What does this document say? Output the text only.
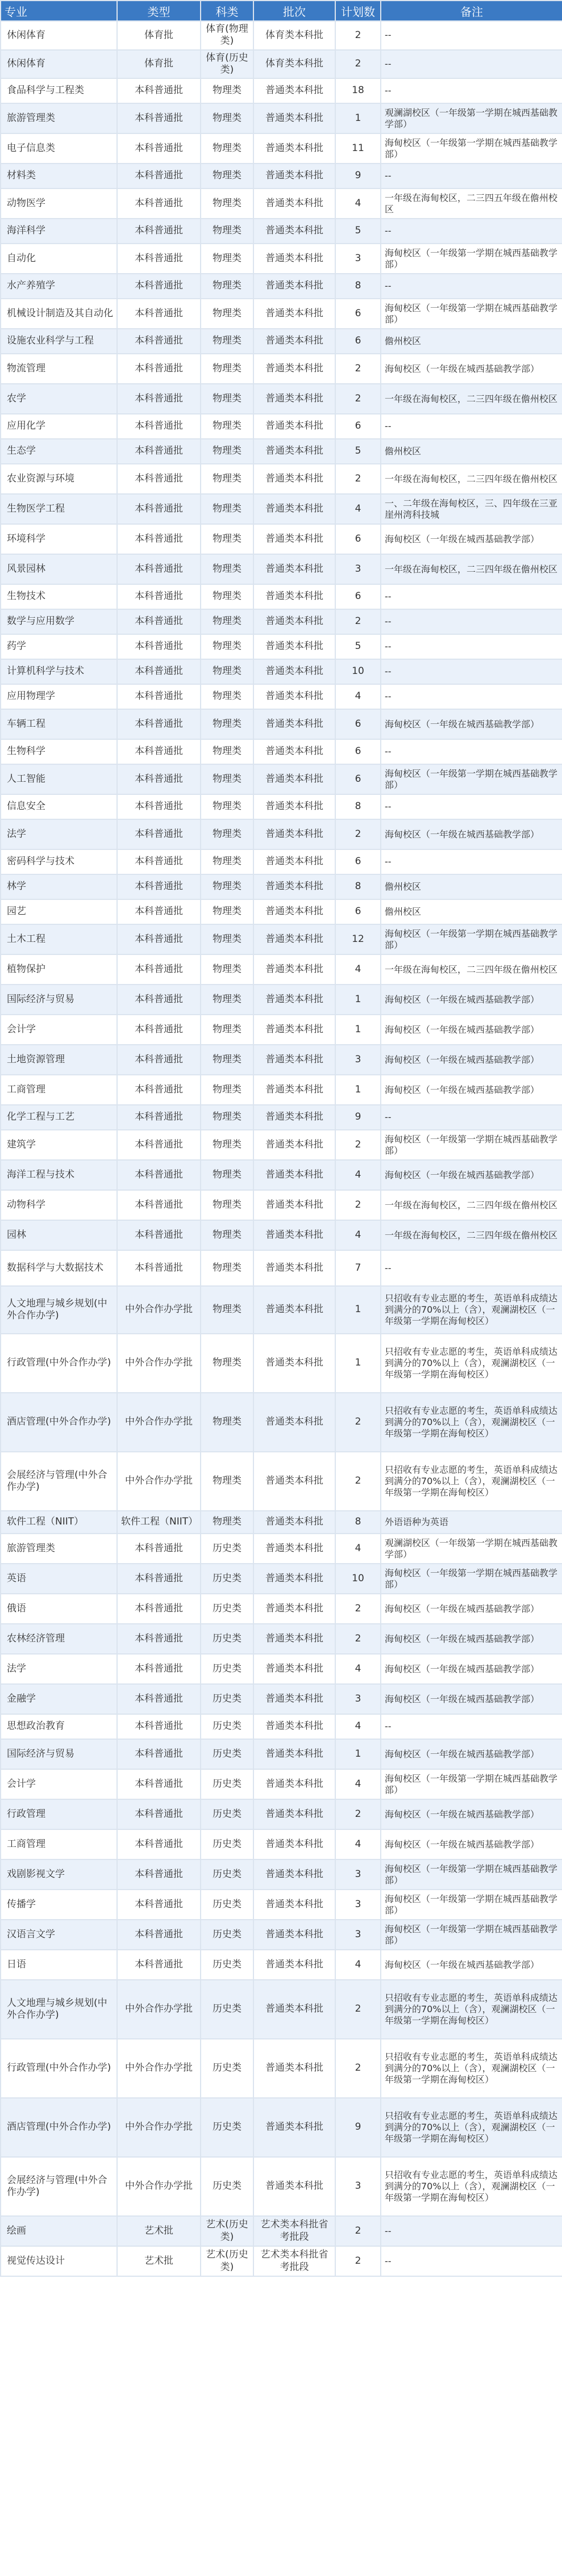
专业	类型	科类	批次	计划数	备注
休闲体育	体育批	体育(物理类)	体育类本科批	2	--
休闲体育	体育批	体育(历史类)	体育类本科批	2	--
食品科学与工程类	本科普通批	物理类	普通类本科批	18	--
旅游管理类	本科普通批	物理类	普通类本科批	1	观澜湖校区（一年级第一学期在城西基础教学部）
电子信息类	本科普通批	物理类	普通类本科批	11	海甸校区（一年级第一学期在城西基础教学部）
材料类	本科普通批	物理类	普通类本科批	9	--
动物医学	本科普通批	物理类	普通类本科批	4	一年级在海甸校区，二三四五年级在儋州校区
海洋科学	本科普通批	物理类	普通类本科批	5	--
自动化	本科普通批	物理类	普通类本科批	3	海甸校区（一年级第一学期在城西基础教学部）
水产养殖学	本科普通批	物理类	普通类本科批	8	--
机械设计制造及其自动化	本科普通批	物理类	普通类本科批	6	海甸校区（一年级第一学期在城西基础教学部）
设施农业科学与工程	本科普通批	物理类	普通类本科批	6	儋州校区
物流管理	本科普通批	物理类	普通类本科批	2	海甸校区（一年级在城西基础教学部）
农学	本科普通批	物理类	普通类本科批	2	一年级在海甸校区，二三四年级在儋州校区
应用化学	本科普通批	物理类	普通类本科批	6	--
生态学	本科普通批	物理类	普通类本科批	5	儋州校区
农业资源与环境	本科普通批	物理类	普通类本科批	2	一年级在海甸校区，二三四年级在儋州校区
生物医学工程	本科普通批	物理类	普通类本科批	4	一、二年级在海甸校区，三、四年级在三亚崖州湾科技城
环境科学	本科普通批	物理类	普通类本科批	6	海甸校区（一年级在城西基础教学部）
风景园林	本科普通批	物理类	普通类本科批	3	一年级在海甸校区，二三四年级在儋州校区
生物技术	本科普通批	物理类	普通类本科批	6	--
数学与应用数学	本科普通批	物理类	普通类本科批	2	--
药学	本科普通批	物理类	普通类本科批	5	--
计算机科学与技术	本科普通批	物理类	普通类本科批	10	--
应用物理学	本科普通批	物理类	普通类本科批	4	--
车辆工程	本科普通批	物理类	普通类本科批	6	海甸校区（一年级在城西基础教学部）
生物科学	本科普通批	物理类	普通类本科批	6	--
人工智能	本科普通批	物理类	普通类本科批	6	海甸校区（一年级第一学期在城西基础教学部）
信息安全	本科普通批	物理类	普通类本科批	8	--
法学	本科普通批	物理类	普通类本科批	2	海甸校区（一年级在城西基础教学部）
密码科学与技术	本科普通批	物理类	普通类本科批	6	--
林学	本科普通批	物理类	普通类本科批	8	儋州校区
园艺	本科普通批	物理类	普通类本科批	6	儋州校区
土木工程	本科普通批	物理类	普通类本科批	12	海甸校区（一年级第一学期在城西基础教学部）
植物保护	本科普通批	物理类	普通类本科批	4	一年级在海甸校区，二三四年级在儋州校区
国际经济与贸易	本科普通批	物理类	普通类本科批	1	海甸校区（一年级在城西基础教学部）
会计学	本科普通批	物理类	普通类本科批	1	海甸校区（一年级在城西基础教学部）
土地资源管理	本科普通批	物理类	普通类本科批	3	海甸校区（一年级在城西基础教学部）
工商管理	本科普通批	物理类	普通类本科批	1	海甸校区（一年级在城西基础教学部）
化学工程与工艺	本科普通批	物理类	普通类本科批	9	--
建筑学	本科普通批	物理类	普通类本科批	2	海甸校区（一年级第一学期在城西基础教学部）
海洋工程与技术	本科普通批	物理类	普通类本科批	4	海甸校区（一年级在城西基础教学部）
动物科学	本科普通批	物理类	普通类本科批	2	一年级在海甸校区，二三四年级在儋州校区
园林	本科普通批	物理类	普通类本科批	4	一年级在海甸校区，二三四年级在儋州校区
数据科学与大数据技术	本科普通批	物理类	普通类本科批	7	--
人文地理与城乡规划(中外合作办学)	中外合作办学批	物理类	普通类本科批	1	只招收有专业志愿的考生，英语单科成绩达到满分的70%以上（含），观澜湖校区（一年级第一学期在海甸校区）
行政管理(中外合作办学)	中外合作办学批	物理类	普通类本科批	1	只招收有专业志愿的考生，英语单科成绩达到满分的70%以上（含），观澜湖校区（一年级第一学期在海甸校区）
酒店管理(中外合作办学)	中外合作办学批	物理类	普通类本科批	2	只招收有专业志愿的考生，英语单科成绩达到满分的70%以上（含），观澜湖校区（一年级第一学期在海甸校区）
会展经济与管理(中外合作办学)	中外合作办学批	物理类	普通类本科批	2	只招收有专业志愿的考生，英语单科成绩达到满分的70%以上（含），观澜湖校区（一年级第一学期在海甸校区）
软件工程（NIIT）	软件工程（NIIT）	物理类	普通类本科批	8	外语语种为英语
旅游管理类	本科普通批	历史类	普通类本科批	4	观澜湖校区（一年级第一学期在城西基础教学部）
英语	本科普通批	历史类	普通类本科批	10	海甸校区（一年级第一学期在城西基础教学部）
俄语	本科普通批	历史类	普通类本科批	2	海甸校区（一年级在城西基础教学部）
农林经济管理	本科普通批	历史类	普通类本科批	2	海甸校区（一年级在城西基础教学部）
法学	本科普通批	历史类	普通类本科批	4	海甸校区（一年级在城西基础教学部）
金融学	本科普通批	历史类	普通类本科批	3	海甸校区（一年级在城西基础教学部）
思想政治教育	本科普通批	历史类	普通类本科批	4	--
国际经济与贸易	本科普通批	历史类	普通类本科批	1	海甸校区（一年级在城西基础教学部）
会计学	本科普通批	历史类	普通类本科批	4	海甸校区（一年级第一学期在城西基础教学部）
行政管理	本科普通批	历史类	普通类本科批	2	海甸校区（一年级在城西基础教学部）
工商管理	本科普通批	历史类	普通类本科批	4	海甸校区（一年级在城西基础教学部）
戏剧影视文学	本科普通批	历史类	普通类本科批	3	海甸校区（一年级第一学期在城西基础教学部）
传播学	本科普通批	历史类	普通类本科批	3	海甸校区（一年级第一学期在城西基础教学部）
汉语言文学	本科普通批	历史类	普通类本科批	3	海甸校区（一年级第一学期在城西基础教学部）
日语	本科普通批	历史类	普通类本科批	4	海甸校区（一年级在城西基础教学部）
人文地理与城乡规划(中外合作办学)	中外合作办学批	历史类	普通类本科批	2	只招收有专业志愿的考生，英语单科成绩达到满分的70%以上（含），观澜湖校区（一年级第一学期在海甸校区）
行政管理(中外合作办学)	中外合作办学批	历史类	普通类本科批	2	只招收有专业志愿的考生，英语单科成绩达到满分的70%以上（含），观澜湖校区（一年级第一学期在海甸校区）
酒店管理(中外合作办学)	中外合作办学批	历史类	普通类本科批	9	只招收有专业志愿的考生，英语单科成绩达到满分的70%以上（含），观澜湖校区（一年级第一学期在海甸校区）
会展经济与管理(中外合作办学)	中外合作办学批	历史类	普通类本科批	3	只招收有专业志愿的考生，英语单科成绩达到满分的70%以上（含），观澜湖校区（一年级第一学期在海甸校区）
绘画	艺术批	艺术(历史类)	艺术类本科批省考批段	2	--
视觉传达设计	艺术批	艺术(历史类)	艺术类本科批省考批段	2	--
